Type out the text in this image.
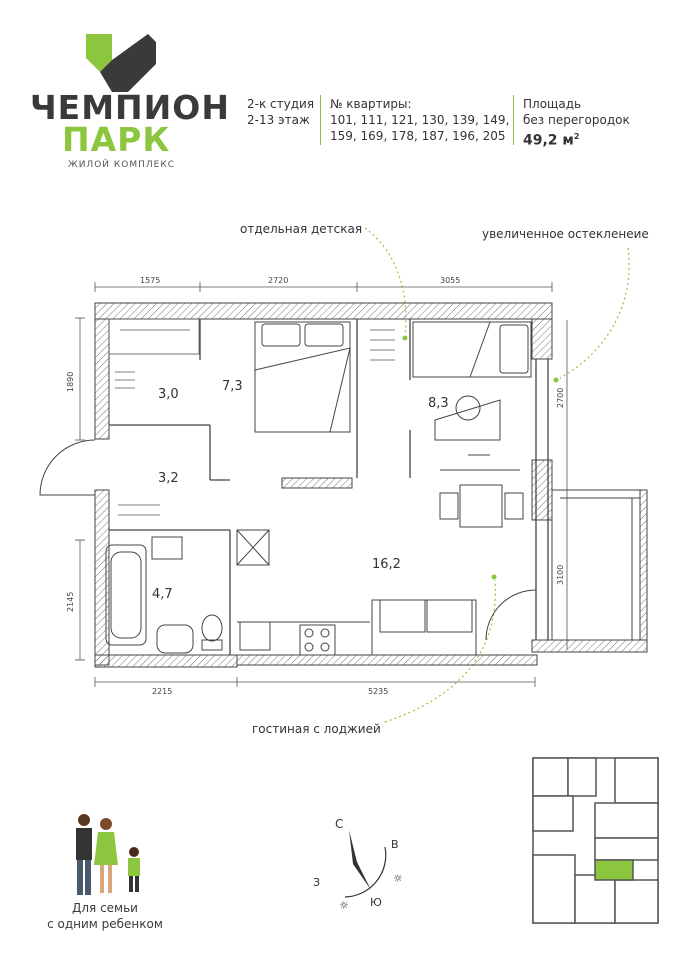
ЧЕМПИОН
ПАРК
ЖИЛОЙ КОМПЛЕКС
2-к студия
2-13 этаж
№ квартиры:
101, 111, 121, 130, 139, 149,
159, 169, 178, 187, 196, 205
Площадь
без перегородок
49,2 $м^2$
отдельная детская	увеличенное остекленеие
гостиная с лоджией
1575	2720	3055
1890
2145
2700
3100
2215	5235
3,0
7,3
8,3
3,2
4,7
16,2
Для семьи
с одним ребенком
С
В
З
Ю
☼
☼
